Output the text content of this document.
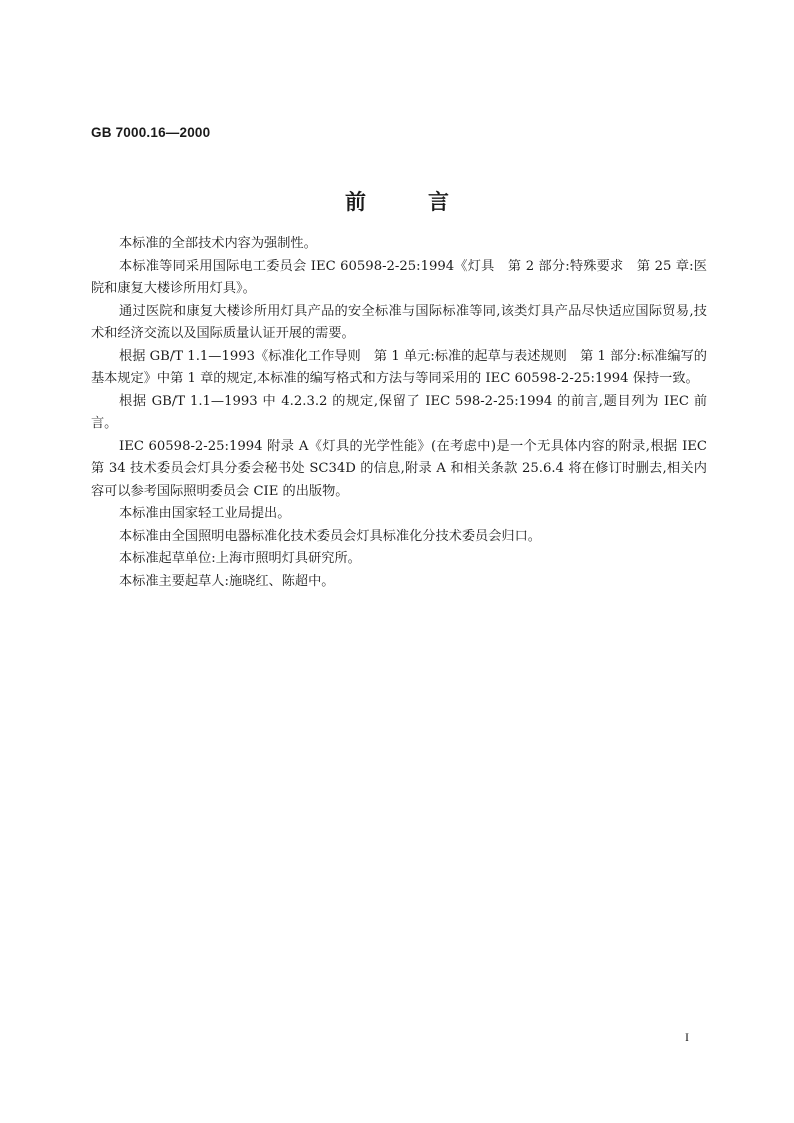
GB 7000.16—2000
前言

本标准的全部技术内容为强制性。

本标准等同采用国际电工委员会 IEC 60598-2-25:1994《灯具　第 2 部分:特殊要求　第 25 章:医院和康复大楼诊所用灯具》。

通过医院和康复大楼诊所用灯具产品的安全标准与国际标准等同,该类灯具产品尽快适应国际贸易,技术和经济交流以及国际质量认证开展的需要。

根据 GB/T 1.1—1993《标准化工作导则　第 1 单元:标准的起草与表述规则　第 1 部分:标准编写的基本规定》中第 1 章的规定,本标准的编写格式和方法与等同采用的 IEC 60598-2-25:1994 保持一致。

根据 GB/T 1.1—1993 中 4.2.3.2 的规定,保留了 IEC 598-2-25:1994 的前言,题目列为 IEC 前言。

IEC 60598-2-25:1994 附录 A《灯具的光学性能》(在考虑中)是一个无具体内容的附录,根据 IEC 第 34 技术委员会灯具分委会秘书处 SC34D 的信息,附录 A 和相关条款 25.6.4 将在修订时删去,相关内容可以参考国际照明委员会 CIE 的出版物。

本标准由国家轻工业局提出。

本标准由全国照明电器标准化技术委员会灯具标准化分技术委员会归口。

本标准起草单位:上海市照明灯具研究所。

本标准主要起草人:施晓红、陈超中。

I
